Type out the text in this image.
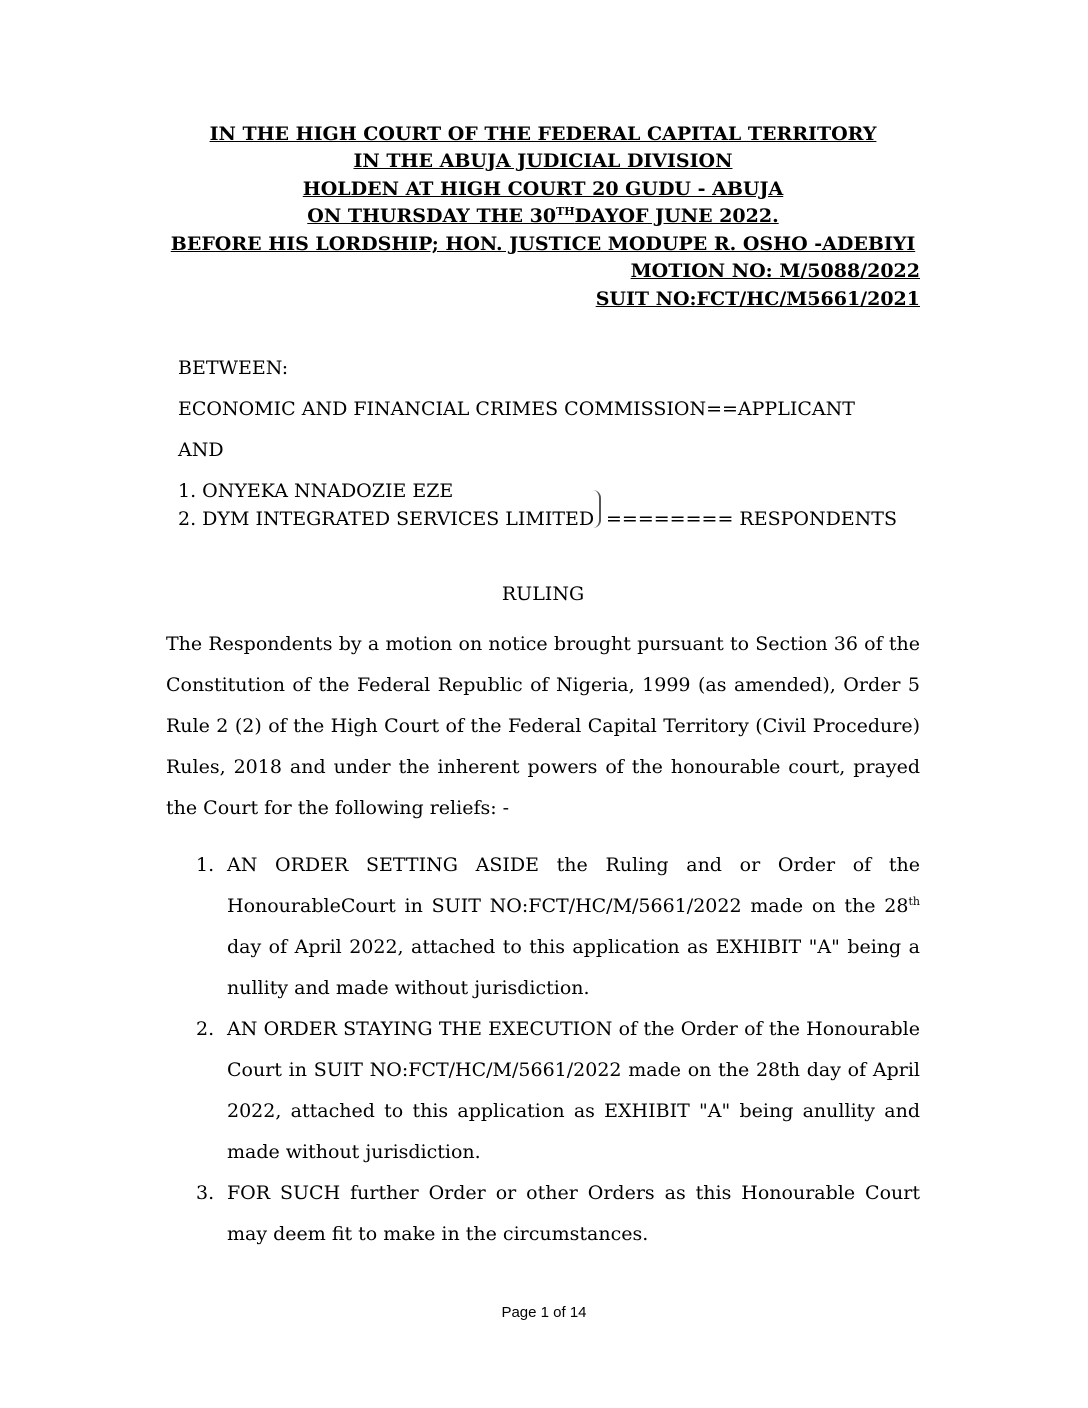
IN THE HIGH COURT OF THE FEDERAL CAPITAL TERRITORY
IN THE ABUJA JUDICIAL DIVISION
HOLDEN AT HIGH COURT 20 GUDU - ABUJA
ON THURSDAY THE 30THDAYOF JUNE 2022.
BEFORE HIS LORDSHIP; HON. JUSTICE MODUPE R. OSHO -ADEBIYI
MOTION NO: M/5088/2022
SUIT NO:FCT/HC/M5661/2021
BETWEEN:
ECONOMIC AND FINANCIAL CRIMES COMMISSION==APPLICANT
AND
1. ONYEKA NNADOZIE EZE
2. DYM INTEGRATED SERVICES LIMITED ======== RESPONDENTS
RULING

The Respondents by a motion on notice brought pursuant to Section 36 of the Constitution of the Federal Republic of Nigeria, 1999 (as amended), Order 5 Rule 2 (2) of the High Court of the Federal Capital Territory (Civil Procedure) Rules, 2018 and under the inherent powers of the honourable court, prayed the Court for the following reliefs: -

1. AN ORDER SETTING ASIDE the Ruling and or Order of the HonourableCourt in SUIT NO:FCT/HC/M/5661/2022 made on the 28th day of April 2022, attached to this application as EXHIBIT "A" being a nullity and made without jurisdiction.
2. AN ORDER STAYING THE EXECUTION of the Order of the Honourable Court in SUIT NO:FCT/HC/M/5661/2022 made on the 28th day of April 2022, attached to this application as EXHIBIT "A" being anullity and made without jurisdiction.
3. FOR SUCH further Order or other Orders as this Honourable Court may deem fit to make in the circumstances.
Page 1 of 14
